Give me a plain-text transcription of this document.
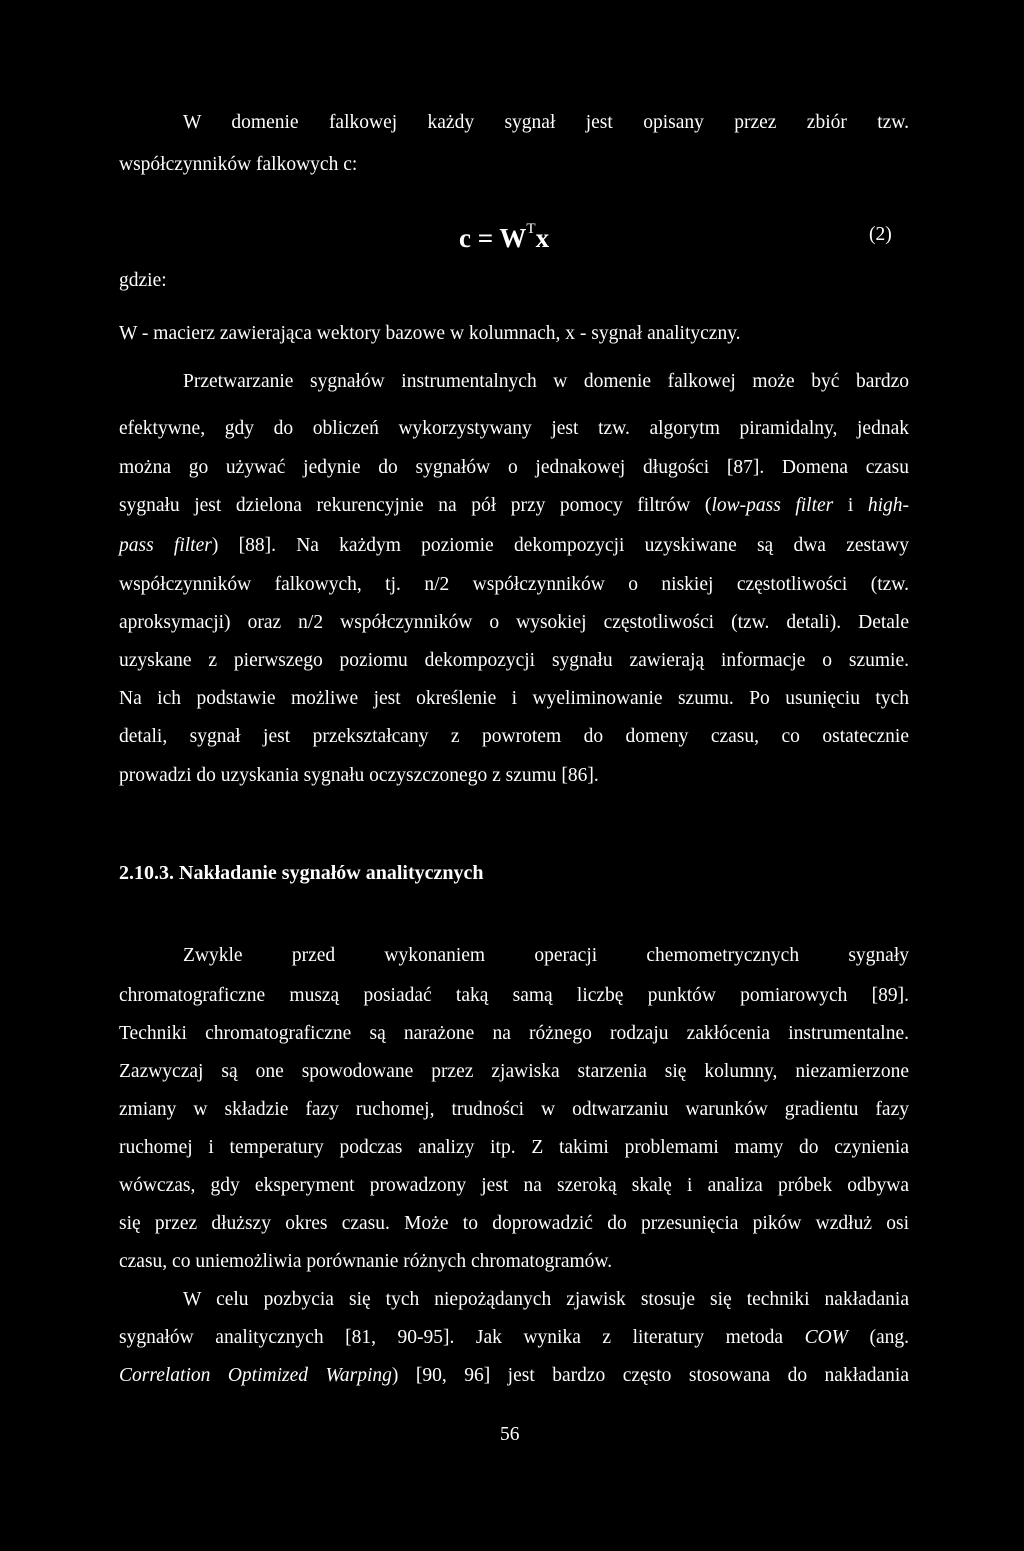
W domenie falkowej każdy sygnał jest opisany przez zbiór tzw.
współczynników falkowych c:
$c = W^Tx$	(2)
gdzie:
W - macierz zawierająca wektory bazowe w kolumnach, x - sygnał analityczny.
Przetwarzanie sygnałów instrumentalnych w domenie falkowej może być bardzo
efektywne, gdy do obliczeń wykorzystywany jest tzw. algorytm piramidalny, jednak
można go używać jedynie do sygnałów o jednakowej długości [87]. Domena czasu
sygnału jest dzielona rekurencyjnie na pół przy pomocy filtrów (low-pass filter i high-
pass filter) [88]. Na każdym poziomie dekompozycji uzyskiwane są dwa zestawy
współczynników falkowych, tj. n/2 współczynników o niskiej częstotliwości (tzw.
aproksymacji) oraz n/2 współczynników o wysokiej częstotliwości (tzw. detali). Detale
uzyskane z pierwszego poziomu dekompozycji sygnału zawierają informacje o szumie.
Na ich podstawie możliwe jest określenie i wyeliminowanie szumu. Po usunięciu tych
detali, sygnał jest przekształcany z powrotem do domeny czasu, co ostatecznie
prowadzi do uzyskania sygnału oczyszczonego z szumu [86].
2.10.3. Nakładanie sygnałów analitycznych
Zwykle przed wykonaniem operacji chemometrycznych sygnały
chromatograficzne muszą posiadać taką samą liczbę punktów pomiarowych [89].
Techniki chromatograficzne są narażone na różnego rodzaju zakłócenia instrumentalne.
Zazwyczaj są one spowodowane przez zjawiska starzenia się kolumny, niezamierzone
zmiany w składzie fazy ruchomej, trudności w odtwarzaniu warunków gradientu fazy
ruchomej i temperatury podczas analizy itp. Z takimi problemami mamy do czynienia
wówczas, gdy eksperyment prowadzony jest na szeroką skalę i analiza próbek odbywa
się przez dłuższy okres czasu. Może to doprowadzić do przesunięcia pików wzdłuż osi
czasu, co uniemożliwia porównanie różnych chromatogramów.
W celu pozbycia się tych niepożądanych zjawisk stosuje się techniki nakładania
sygnałów analitycznych [81, 90-95]. Jak wynika z literatury metoda COW (ang.
Correlation Optimized Warping) [90, 96] jest bardzo często stosowana do nakładania
56
